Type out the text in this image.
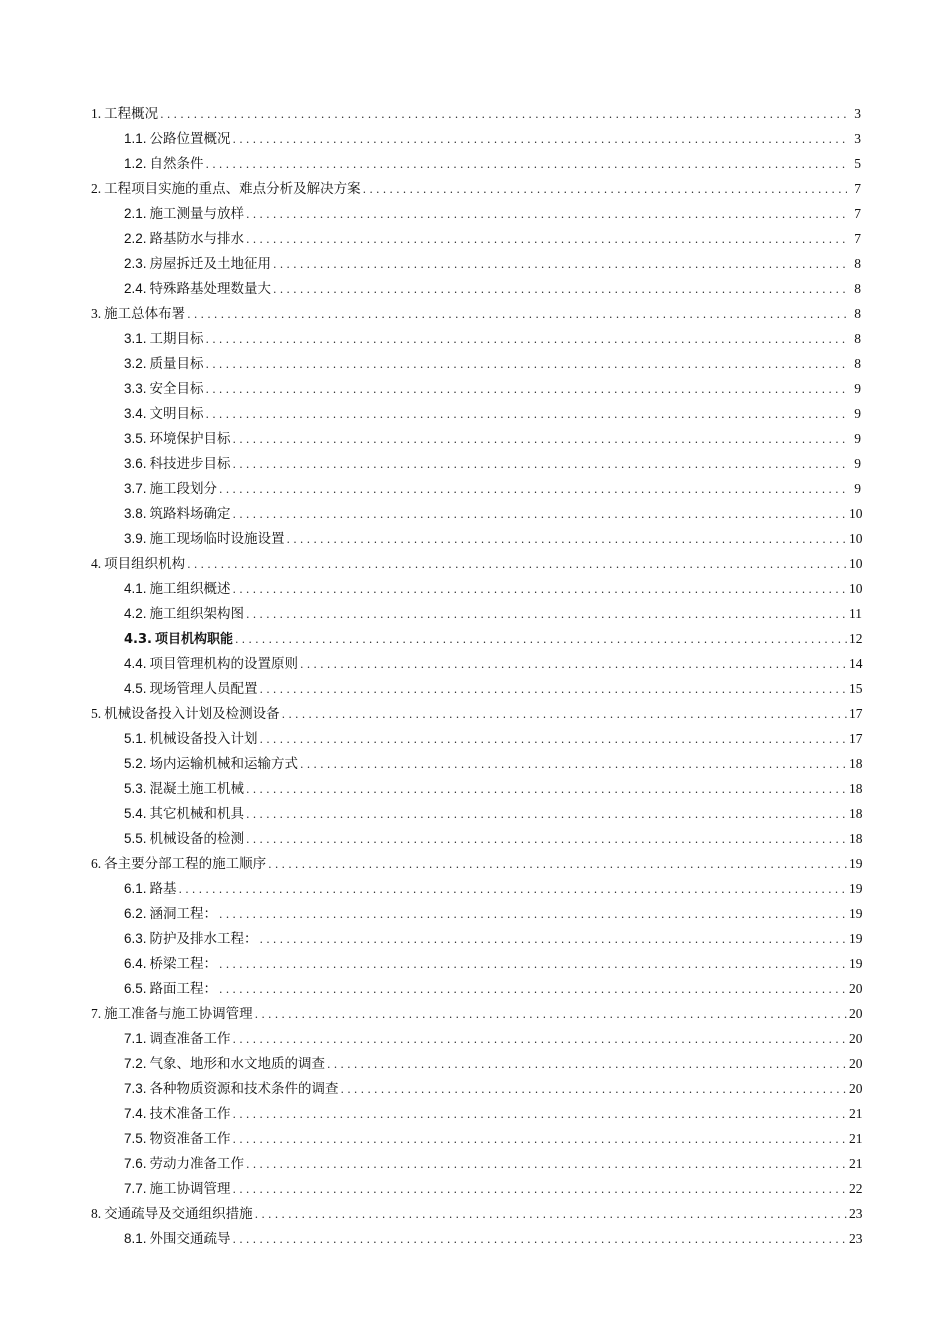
1. 工程概况 .....	3
1.1. 公路位置概况 .....	3
1.2. 自然条件 .....	5
2. 工程项目实施的重点、难点分析及解决方案 .....	7
2.1. 施工测量与放样 .....	7
2.2. 路基防水与排水 .....	7
2.3. 房屋拆迁及土地征用 .....	8
2.4. 特殊路基处理数量大 .....	8
3. 施工总体布署 .....	8
3.1. 工期目标 .....	8
3.2. 质量目标 .....	8
3.3. 安全目标 .....	9
3.4. 文明目标 .....	9
3.5. 环境保护目标 .....	9
3.6. 科技进步目标 .....	9
3.7. 施工段划分 .....	9
3.8. 筑路料场确定 .....	10
3.9. 施工现场临时设施设置 .....	10
4. 项目组织机构 .....	10
4.1. 施工组织概述 .....	10
4.2. 施工组织架构图 .....	11
4.3. 项目机构职能 .....	12
4.4. 项目管理机构的设置原则 .....	14
4.5. 现场管理人员配置 .....	15
5. 机械设备投入计划及检测设备 .....	17
5.1. 机械设备投入计划 .....	17
5.2. 场内运输机械和运输方式 .....	18
5.3. 混凝土施工机械 .....	18
5.4. 其它机械和机具 .....	18
5.5. 机械设备的检测 .....	18
6. 各主要分部工程的施工顺序 .....	19
6.1. 路基 .....	19
6.2. 涵洞工程： .....	19
6.3. 防护及排水工程： .....	19
6.4. 桥梁工程： .....	19
6.5. 路面工程： .....	20
7. 施工准备与施工协调管理 .....	20
7.1. 调查准备工作 .....	20
7.2. 气象、地形和水文地质的调查 .....	20
7.3. 各种物质资源和技术条件的调查 .....	20
7.4. 技术准备工作 .....	21
7.5. 物资准备工作 .....	21
7.6. 劳动力准备工作 .....	21
7.7. 施工协调管理 .....	22
8. 交通疏导及交通组织措施 .....	23
8.1. 外围交通疏导 .....	23
